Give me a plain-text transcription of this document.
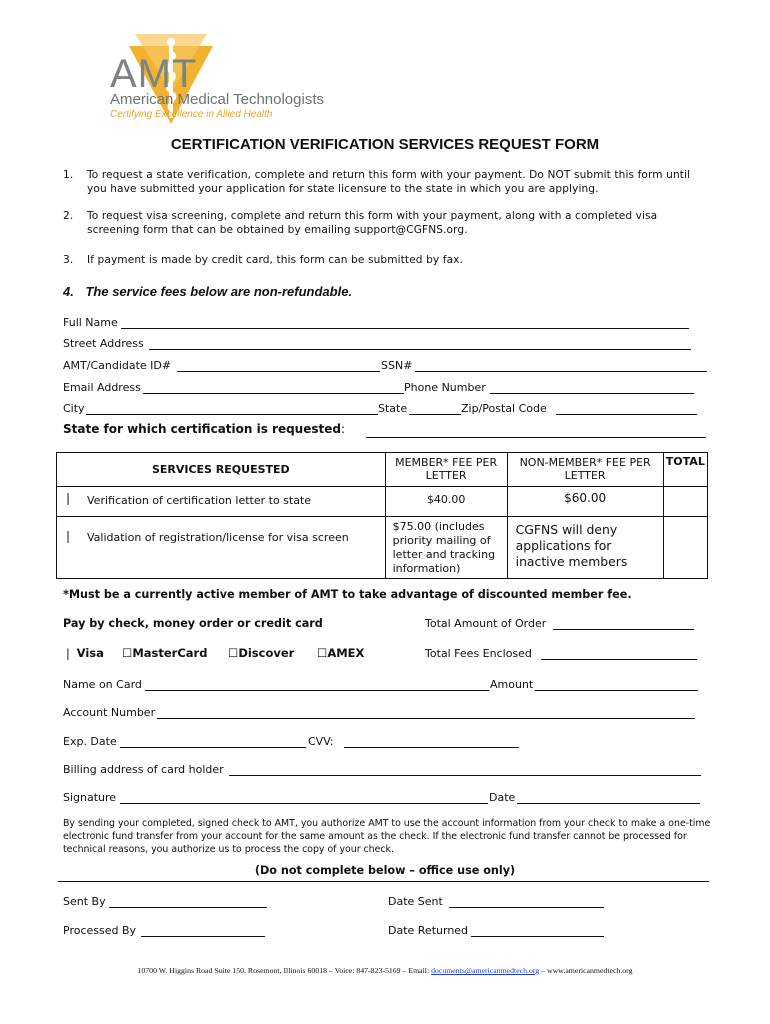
AMT
American Medical Technologists
Certifying Excellence in Allied Health
CERTIFICATION VERIFICATION SERVICES REQUEST FORM
1. To request a state verification, complete and return this form with your payment. Do NOT submit this form until you have submitted your application for state licensure to the state in which you are applying.
2. To request visa screening, complete and return this form with your payment, along with a completed visa screening form that can be obtained by emailing support@CGFNS.org.
3. If payment is made by credit card, this form can be submitted by fax.
4. The service fees below are non-refundable.
Full Name
Street Address
AMT/Candidate ID#	SSN#
Email Address	Phone Number
City	State	Zip/Postal Code
State for which certification is requested:
SERVICES REQUESTED		MEMBER* FEE PER LETTER	NON-MEMBER* FEE PER LETTER	TOTAL
❘	Verification of certification letter to state	$40.00	$60.00	
❘	Validation of registration/license for visa screen	$75.00 (includes priority mailing of letter and tracking information)	CGFNS will deny applications for inactive members	
*Must be a currently active member of AMT to take advantage of discounted member fee.
Pay by check, money order or credit card	Total Amount of Order
❘ Visa ☐MasterCard ☐Discover ☐AMEX	Total Fees Enclosed
Name on Card	Amount
Account Number
Exp. Date	CVV:
Billing address of card holder
Signature	Date
By sending your completed, signed check to AMT, you authorize AMT to use the account information from your check to make a one-time electronic fund transfer from your account for the same amount as the check. If the electronic fund transfer cannot be processed for technical reasons, you authorize us to process the copy of your check.
(Do not complete below – office use only)
Sent By	Date Sent
Processed By	Date Returned
10700 W. Higgins Road Suite 150, Rosemont, Illinois 60018 – Voice: 847-823-5169 – Email: documents@americanmedtech.org – www.americanmedtech.org
